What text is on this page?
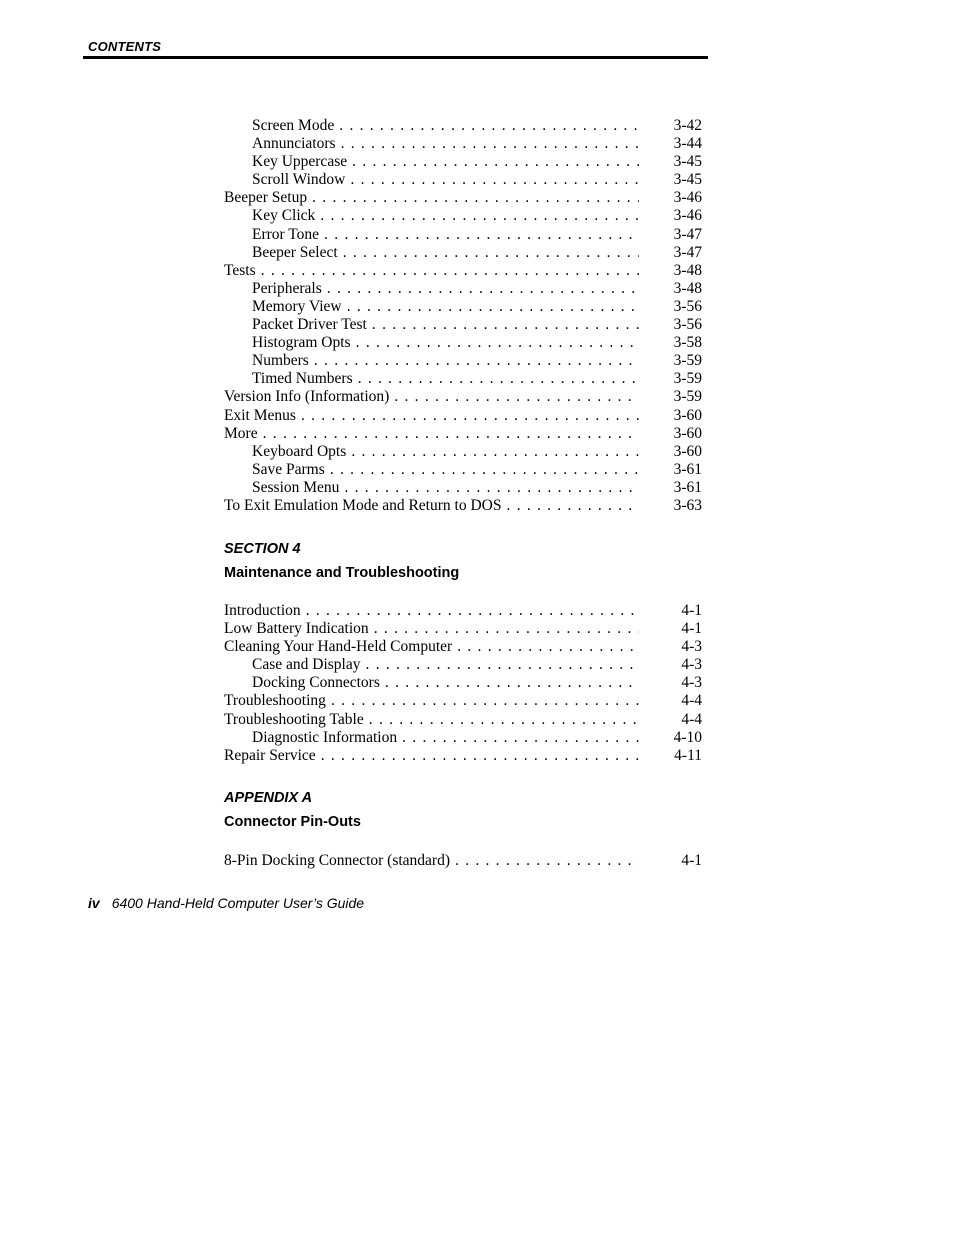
CONTENTS
Screen Mode . . .	3-42
Annunciators . . .	3-44
Key Uppercase . . .	3-45
Scroll Window . . .	3-45
Beeper Setup . . .	3-46
Key Click . . .	3-46
Error Tone . . .	3-47
Beeper Select . . .	3-47
Tests . . .	3-48
Peripherals . . .	3-48
Memory View . . .	3-56
Packet Driver Test . . .	3-56
Histogram Opts . . .	3-58
Numbers . . .	3-59
Timed Numbers . . .	3-59
Version Info (Information) . . .	3-59
Exit Menus . . .	3-60
More . . .	3-60
Keyboard Opts . . .	3-60
Save Parms . . .	3-61
Session Menu . . .	3-61
To Exit Emulation Mode and Return to DOS . . .	3-63
SECTION 4
Maintenance and Troubleshooting
Introduction . . .	4-1
Low Battery Indication . . .	4-1
Cleaning Your Hand-Held Computer . . .	4-3
Case and Display . . .	4-3
Docking Connectors . . .	4-3
Troubleshooting . . .	4-4
Troubleshooting Table . . .	4-4
Diagnostic Information . . .	4-10
Repair Service . . .	4-11
APPENDIX A
Connector Pin-Outs
8-Pin Docking Connector (standard) . . .	4-1
iv 6400 Hand-Held Computer User’s Guide
